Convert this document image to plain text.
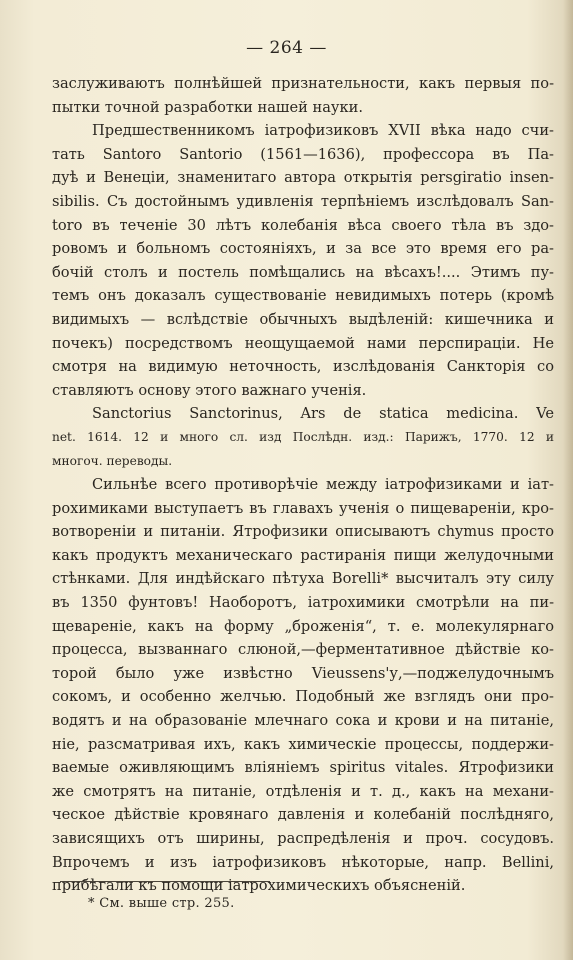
— 264 —
заслуживаютъ полнѣйшей признательности, какъ первыя по-
пытки точной разработки нашей науки.
Предшественникомъ iатрофизиковъ XVII вѣка надо счи-
тать Santoro Santorio (1561—1636), профессора въ Па-
дуѣ и Венецiи, знаменитаго автора открытiя persgiratio insen-
sibilis. Съ достойнымъ удивленiя терпѣнiемъ изслѣдовалъ San-
toro въ теченiе 30 лѣтъ колебанiя вѣса своего тѣла въ здо-
ровомъ и больномъ состоянiяхъ, и за все это время его ра-
бочiй столъ и постель помѣщались на вѣсахъ!.... Этимъ пу-
темъ онъ доказалъ существованiе невидимыхъ потерь (кромѣ
видимыхъ — вслѣдствiе обычныхъ выдѣленiй: кишечника и
почекъ) посредствомъ неощущаемой нами перспирацiи. Не
смотря на видимую неточность, изслѣдованiя Санкторiя со
ставляютъ основу этого важнаго ученiя.
Sanctorius Sanctorinus, Ars de statica medicina. Ve
net. 1614. 12 и много сл. изд Послѣдн. изд.: Парижъ, 1770. 12 и
многоч. переводы.
Сильнѣе всего противорѣчiе между iатрофизиками и iат-
рохимиками выступаетъ въ главахъ ученiя о пищеваренiи, кро-
вотворенiи и питанiи. Ятрофизики описываютъ chymus просто
какъ продуктъ механическаго растиранiя пищи желудочными
стѣнками. Для индѣйскаго пѣтуха Borelli* высчиталъ эту силу
въ 1350 фунтовъ! Наоборотъ, iатрохимики смотрѣли на пи-
щеваренiе, какъ на форму „броженiя“, т. е. молекулярнаго
процесса, вызваннаго слюной,—ферментативное дѣйствiе ко-
торой было уже извѣстно Vieussens'у,—поджелудочнымъ
сокомъ, и особенно желчью. Подобный же взглядъ они про-
водятъ и на образованiе млечнаго сока и крови и на питанiе,
нiе, разсматривая ихъ, какъ химическiе процессы, поддержи-
ваемые оживляющимъ влiянiемъ spiritus vitales. Ятрофизики
же смотрятъ на питанiе, отдѣленiя и т. д., какъ на механи-
ческое дѣйствiе кровянаго давленiя и колебанiй послѣдняго,
зависящихъ отъ ширины, распредѣленiя и проч. сосудовъ.
Впрочемъ и изъ iатрофизиковъ нѣкоторые, напр. Bellini,
прибѣгали къ помощи iатрохимическихъ объясненiй.
* См. выше стр. 255.
